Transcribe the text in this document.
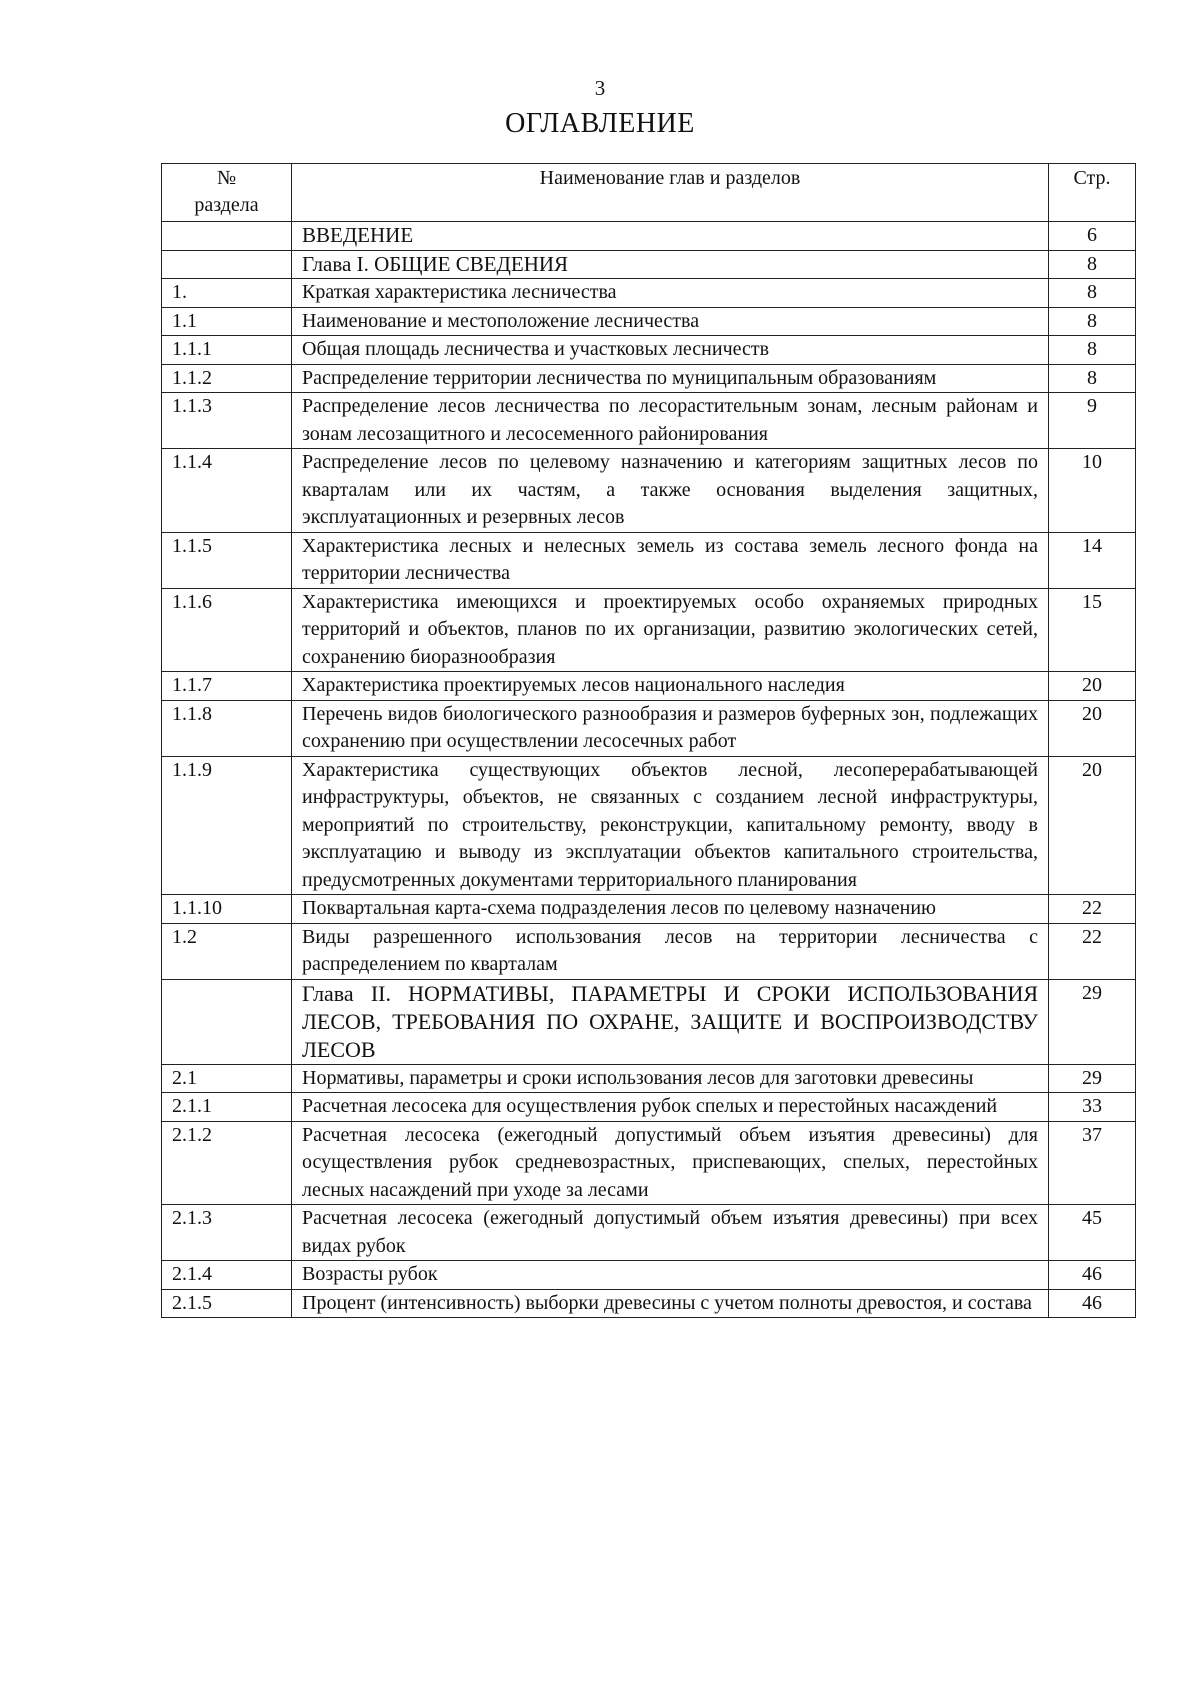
3
ОГЛАВЛЕНИЕ
№
раздела	Наименование глав и разделов	Стр.
	ВВЕДЕНИЕ	6
	Глава I. ОБЩИЕ СВЕДЕНИЯ	8
1.	Краткая характеристика лесничества	8
1.1	Наименование и местоположение лесничества	8
1.1.1	Общая площадь лесничества и участковых лесничеств	8
1.1.2	Распределение территории лесничества по муниципальным образованиям	8
1.1.3	Распределение лесов лесничества по лесорастительным зонам, лесным районам и зонам лесозащитного и лесосеменного районирования	9
1.1.4	Распределение лесов по целевому назначению и категориям защитных лесов по кварталам или их частям, а также основания выделения защитных, эксплуатационных и резервных лесов	10
1.1.5	Характеристика лесных и нелесных земель из состава земель лесного фонда на территории лесничества	14
1.1.6	Характеристика имеющихся и проектируемых особо охраняемых природных территорий и объектов, планов по их организации, развитию экологических сетей, сохранению биоразнообразия	15
1.1.7	Характеристика проектируемых лесов национального наследия	20
1.1.8	Перечень видов биологического разнообразия и размеров буферных зон, подлежащих сохранению при осуществлении лесосечных работ	20
1.1.9	Характеристика существующих объектов лесной, лесоперерабатывающей инфраструктуры, объектов, не связанных с созданием лесной инфраструктуры, мероприятий по строительству, реконструкции, капитальному ремонту, вводу в эксплуатацию и выводу из эксплуатации объектов капитального строительства, предусмотренных документами территориального планирования	20
1.1.10	Поквартальная карта-схема подразделения лесов по целевому назначению	22
1.2	Виды разрешенного использования лесов на территории лесничества с распределением по кварталам	22
	Глава II. НОРМАТИВЫ, ПАРАМЕТРЫ И СРОКИ ИСПОЛЬЗОВАНИЯ ЛЕСОВ, ТРЕБОВАНИЯ ПО ОХРАНЕ, ЗАЩИТЕ И ВОСПРОИЗВОДСТВУ ЛЕСОВ	29
2.1	Нормативы, параметры и сроки использования лесов для заготовки древесины	29
2.1.1	Расчетная лесосека для осуществления рубок спелых и перестойных насаждений	33
2.1.2	Расчетная лесосека (ежегодный допустимый объем изъятия древесины) для осуществления рубок средневозрастных, приспевающих, спелых, перестойных лесных насаждений при уходе за лесами	37
2.1.3	Расчетная лесосека (ежегодный допустимый объем изъятия древесины) при всех видах рубок	45
2.1.4	Возрасты рубок	46
2.1.5	Процент (интенсивность) выборки древесины с учетом полноты древостоя, и состава	46
